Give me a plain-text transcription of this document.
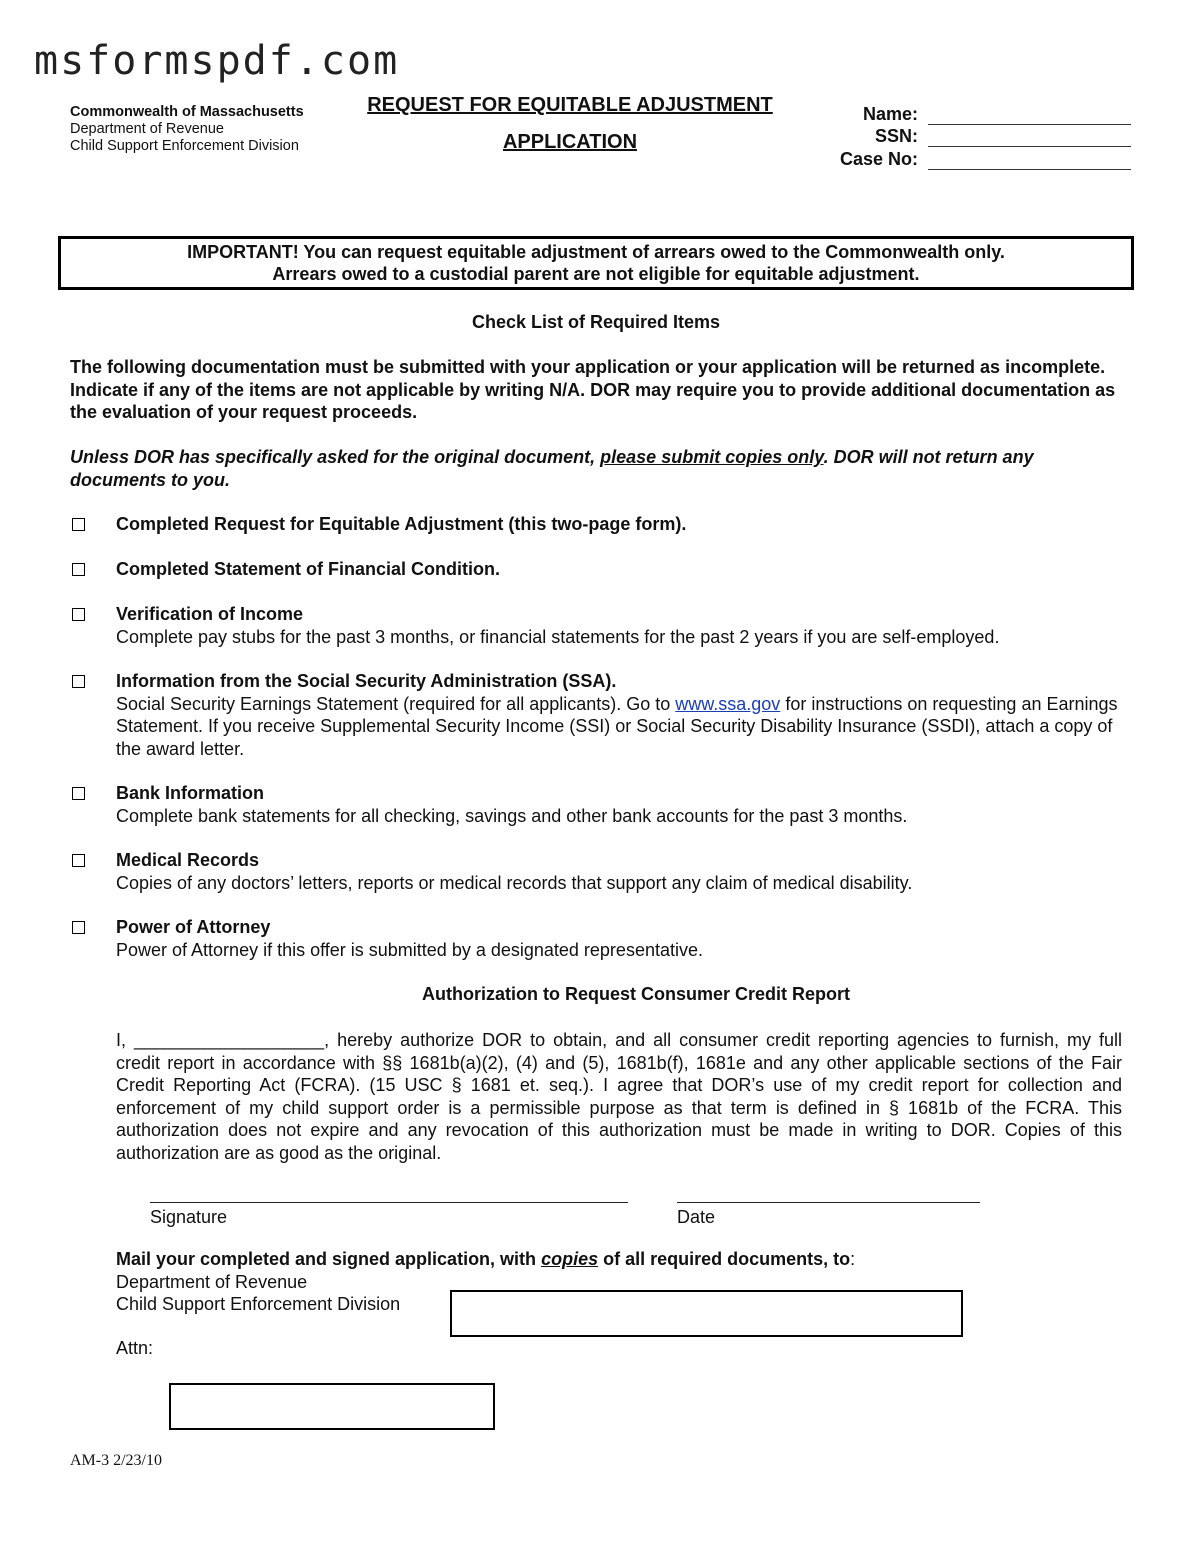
msformspdf.com
Commonwealth of Massachusetts
Department of Revenue
Child Support Enforcement Division
REQUEST FOR EQUITABLE ADJUSTMENT
APPLICATION
Name:
SSN:
Case No:
IMPORTANT! You can request equitable adjustment of arrears owed to the Commonwealth only.
Arrears owed to a custodial parent are not eligible for equitable adjustment.
Check List of Required Items
The following documentation must be submitted with your application or your application will be returned as incomplete. Indicate if any of the items are not applicable by writing N/A. DOR may require you to provide additional documentation as the evaluation of your request proceeds.
Unless DOR has specifically asked for the original document, please submit copies only. DOR will not return any documents to you.
Completed Request for Equitable Adjustment (this two-page form).
Completed Statement of Financial Condition.
Verification of Income
Complete pay stubs for the past 3 months, or financial statements for the past 2 years if you are self-employed.
Information from the Social Security Administration (SSA).
Social Security Earnings Statement (required for all applicants). Go to www.ssa.gov for instructions on requesting an Earnings Statement. If you receive Supplemental Security Income (SSI) or Social Security Disability Insurance (SSDI), attach a copy of the award letter.
Bank Information
Complete bank statements for all checking, savings and other bank accounts for the past 3 months.
Medical Records
Copies of any doctors’ letters, reports or medical records that support any claim of medical disability.
Power of Attorney
Power of Attorney if this offer is submitted by a designated representative.
Authorization to Request Consumer Credit Report
I, ___________________, hereby authorize DOR to obtain, and all consumer credit reporting agencies to furnish, my full credit report in accordance with §§ 1681b(a)(2), (4) and (5), 1681b(f), 1681e and any other applicable sections of the Fair Credit Reporting Act (FCRA). (15 USC § 1681 et. seq.). I agree that DOR’s use of my credit report for collection and enforcement of my child support order is a permissible purpose as that term is defined in § 1681b of the FCRA. This authorization does not expire and any revocation of this authorization must be made in writing to DOR. Copies of this authorization are as good as the original.
Signature	Date
Mail your completed and signed application, with copies of all required documents, to:
Department of Revenue
Child Support Enforcement Division
Attn:
AM-3 2/23/10
